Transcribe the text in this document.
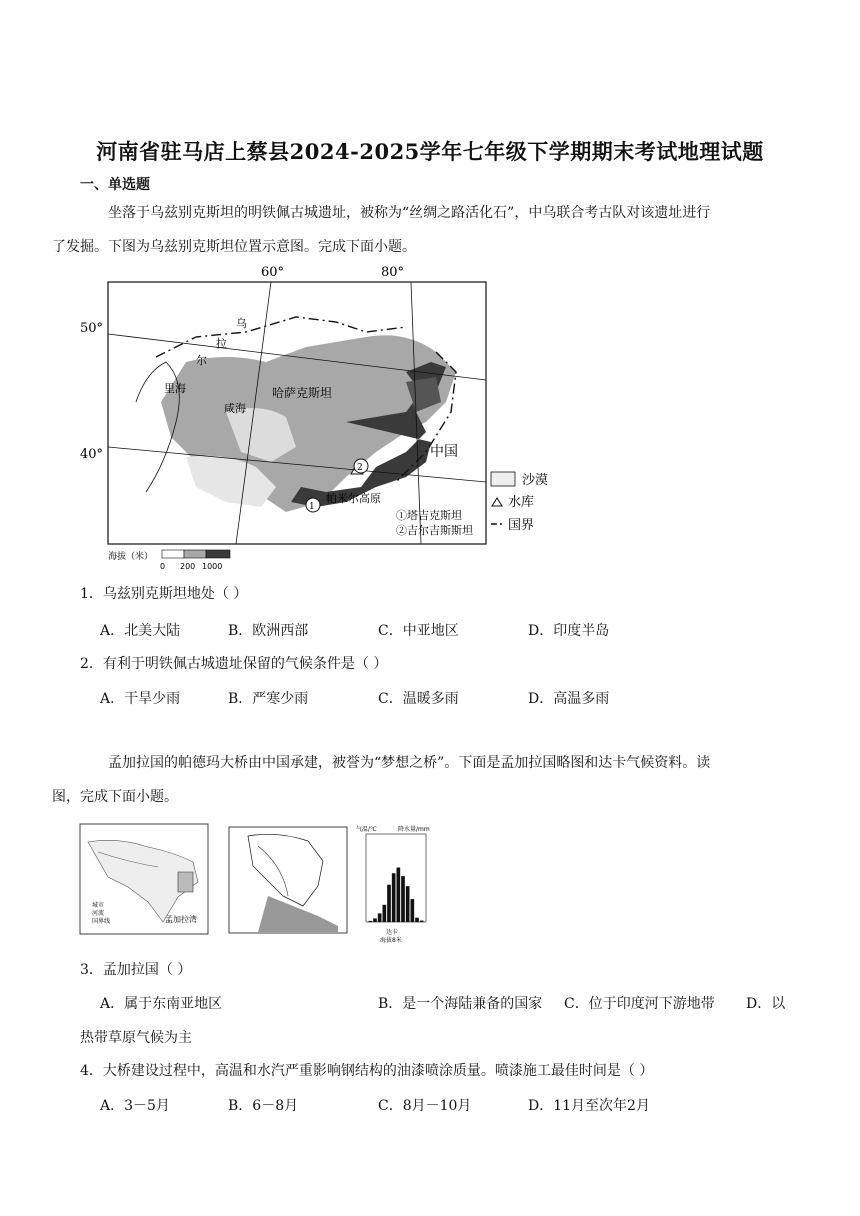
河南省驻马店上蔡县2024-2025学年七年级下学期期末考试地理试题
一、单选题
坐落于乌兹别克斯坦的明铁佩古城遗址，被称为“丝绸之路活化石”，中乌联合考古队对该遗址进行
了发掘。下图为乌兹别克斯坦位置示意图。完成下面小题。
1
2
60°	80°
50°
40°
哈萨克斯坦
中国
帕米尔高原
里海
咸海
乌
拉
尔
①塔吉克斯坦
②吉尔吉斯斯坦
沙漠
水库
国界
海拔（米）
0 200 1000
1．乌兹别克斯坦地处（ ）
A．北美大陆	B．欧洲西部	C．中亚地区	D．印度半岛
2．有利于明铁佩古城遗址保留的气候条件是（ ）
A．干旱少雨	B．严寒少雨	C．温暖多雨	D．高温多雨
孟加拉国的帕德玛大桥由中国承建，被誉为“梦想之桥”。下面是孟加拉国略图和达卡气候资料。读
图，完成下面小题。
孟加拉湾
城市
河流
国界线
气温/℃	降水量/mm
达卡
海拔8米
3．孟加拉国（ ）
A．属于东南亚地区	B．是一个海陆兼备的国家 C．位于印度河下游地带 D．以
热带草原气候为主
4．大桥建设过程中，高温和水汽严重影响钢结构的油漆喷涂质量。喷漆施工最佳时间是（ ）
A．3－5月	B．6－8月	C．8月－10月	D．11月至次年2月
